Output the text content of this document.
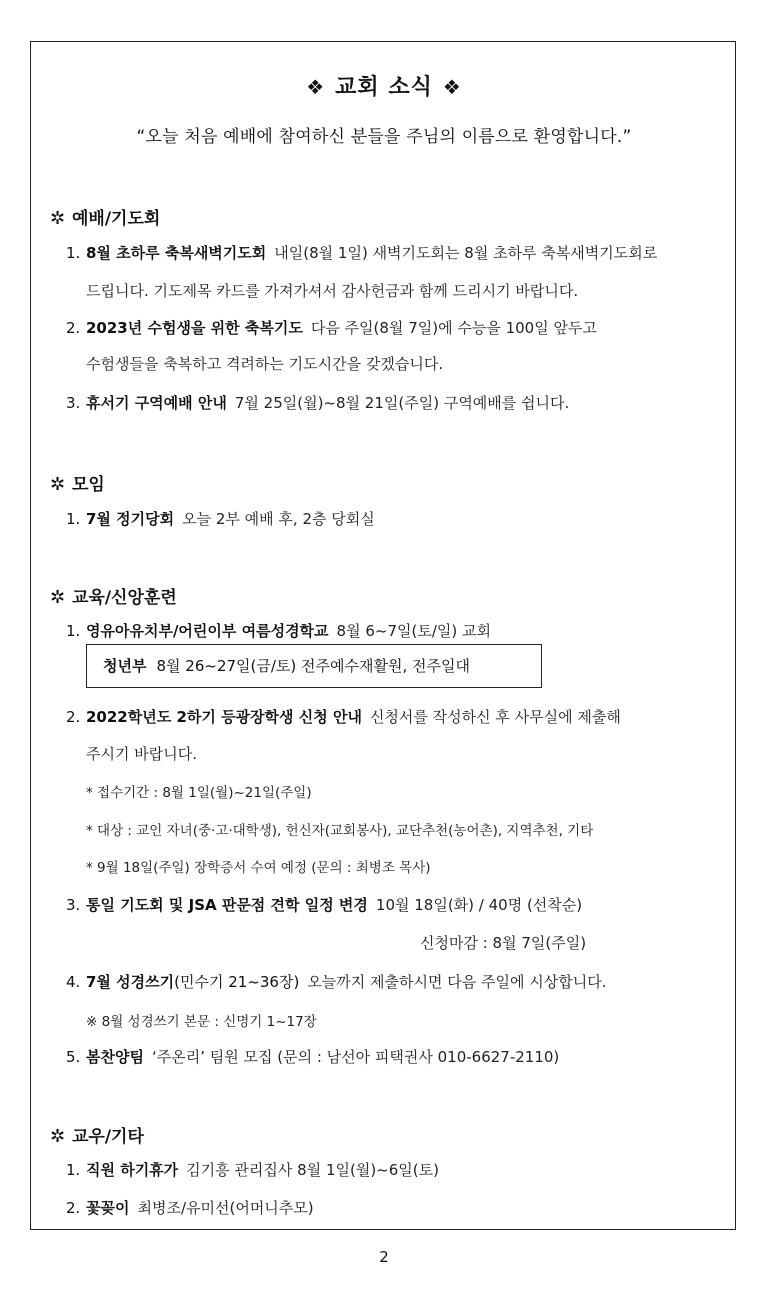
❖ 교회 소식 ❖
“오늘 처음 예배에 참여하신 분들을 주님의 이름으로 환영합니다.”
✲ 예배/기도회
1. 8월 초하루 축복새벽기도회 내일(8월 1일) 새벽기도회는 8월 초하루 축복새벽기도회로
드립니다. 기도제목 카드를 가져가셔서 감사헌금과 함께 드리시기 바랍니다.
2. 2023년 수험생을 위한 축복기도 다음 주일(8월 7일)에 수능을 100일 앞두고
수험생들을 축복하고 격려하는 기도시간을 갖겠습니다.
3. 휴서기 구역예배 안내 7월 25일(월)~8월 21일(주일) 구역예배를 쉽니다.
✲ 모임
1. 7월 정기당회 오늘 2부 예배 후, 2층 당회실
✲ 교육/신앙훈련
1. 영유아유치부/어린이부 여름성경학교 8월 6~7일(토/일) 교회
청년부 8월 26~27일(금/토) 전주예수재활원, 전주일대
2. 2022학년도 2하기 등광장학생 신청 안내 신청서를 작성하신 후 사무실에 제출해
주시기 바랍니다.
* 접수기간 : 8월 1일(월)~21일(주일)
* 대상 : 교인 자녀(중·고·대학생), 헌신자(교회봉사), 교단추천(농어촌), 지역추천, 기타
* 9월 18일(주일) 장학증서 수여 예정 (문의 : 최병조 목사)
3. 통일 기도회 및 JSA 판문점 견학 일정 변경 10월 18일(화) / 40명 (선착순)
신청마감 : 8월 7일(주일)
4. 7월 성경쓰기(민수기 21~36장) 오늘까지 제출하시면 다음 주일에 시상합니다.
※ 8월 성경쓰기 본문 : 신명기 1~17장
5. 봄찬양팀 ‘주온리’ 팀원 모집 (문의 : 남선아 피택권사 010-6627-2110)
✲ 교우/기타
1. 직원 하기휴가 김기흥 관리집사 8월 1일(월)~6일(토)
2. 꽃꽂이 최병조/유미선(어머니추모)
2
